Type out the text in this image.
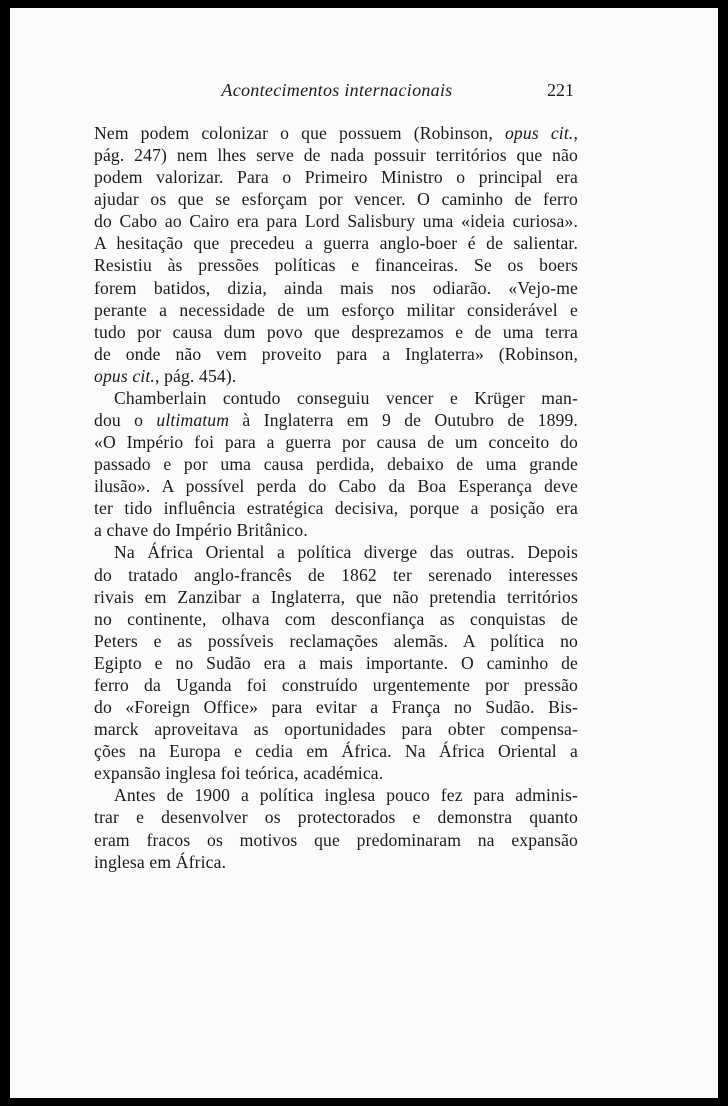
Acontecimentos internacionais	221
Nem podem colonizar o que possuem (Robinson, opus cit.,
pág. 247) nem lhes serve de nada possuir territórios que não
podem valorizar. Para o Primeiro Ministro o principal era
ajudar os que se esforçam por vencer. O caminho de ferro
do Cabo ao Cairo era para Lord Salisbury uma «ideia curiosa».
A hesitação que precedeu a guerra anglo-boer é de salientar.
Resistiu às pressões políticas e financeiras. Se os boers
forem batidos, dizia, ainda mais nos odiarão. «Vejo-me
perante a necessidade de um esforço militar considerável e
tudo por causa dum povo que desprezamos e de uma terra
de onde não vem proveito para a Inglaterra» (Robinson,
opus cit., pág. 454).
Chamberlain contudo conseguiu vencer e Krüger man-
dou o ultimatum à Inglaterra em 9 de Outubro de 1899.
«O Império foi para a guerra por causa de um conceito do
passado e por uma causa perdida, debaixo de uma grande
ilusão». A possível perda do Cabo da Boa Esperança deve
ter tido influência estratégica decisiva, porque a posição era
a chave do Império Britânico.
Na África Oriental a política diverge das outras. Depois
do tratado anglo-francês de 1862 ter serenado interesses
rivais em Zanzibar a Inglaterra, que não pretendia territórios
no continente, olhava com desconfiança as conquistas de
Peters e as possíveis reclamações alemãs. A política no
Egipto e no Sudão era a mais importante. O caminho de
ferro da Uganda foi construído urgentemente por pressão
do «Foreign Office» para evitar a França no Sudão. Bis-
marck aproveitava as oportunidades para obter compensa-
ções na Europa e cedia em África. Na África Oriental a
expansão inglesa foi teórica, académica.
Antes de 1900 a política inglesa pouco fez para adminis-
trar e desenvolver os protectorados e demonstra quanto
eram fracos os motivos que predominaram na expansão
inglesa em África.
